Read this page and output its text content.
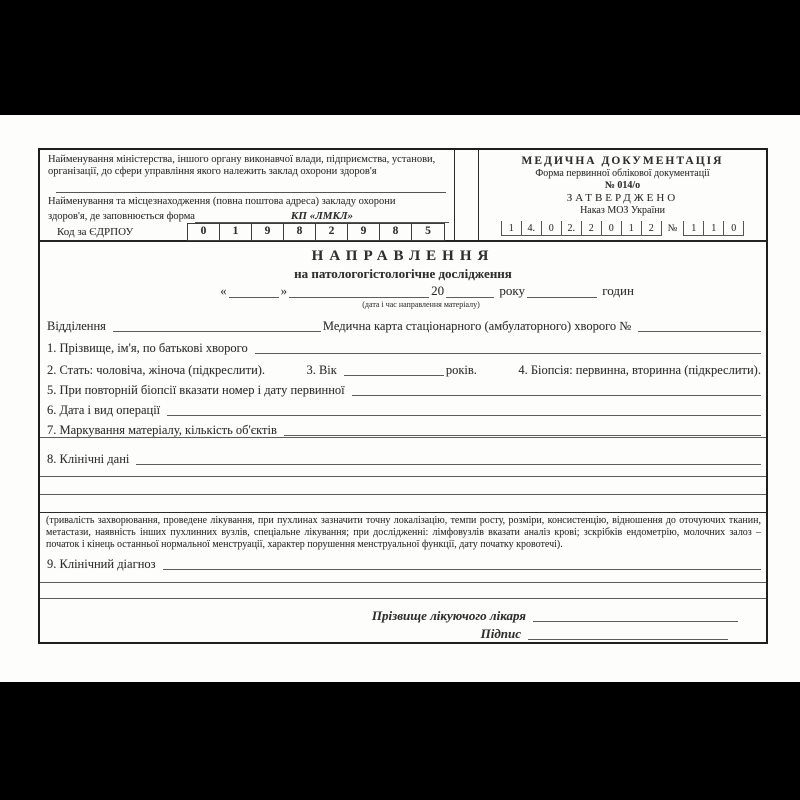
Найменування міністерства, іншого органу виконавчої влади, підприємства, установи, організації, до сфери управління якого належить заклад охорони здоров'я
Найменування та місцезнаходження (повна поштова адреса) закладу охорони
здоров'я, де заповнюється форма	КП «ЛМКЛ»
Код за ЄДРПОУ	0	1	9	8	2	9	8	5
МЕДИЧНА ДОКУМЕНТАЦІЯ
Форма первинної облікової документації
№ 014/о
ЗАТВЕРДЖЕНО
Наказ МОЗ України
1	4.	0	2.	2	0	1	2	№	1	1	0
НАПРАВЛЕННЯ
на патологогістологічне дослідження
«	»	20	року	годин
(дата і час направлення матеріалу)
Відділення	Медична карта стаціонарного (амбулаторного) хворого №
1. Прізвище, ім'я, по батькові хворого
2. Стать: чоловіча, жіноча (підкреслити).	3. Вік	років.	4. Біопсія: первинна, вторинна (підкреслити).
5. При повторній біопсії вказати номер і дату первинної
6. Дата і вид операції
7. Маркування матеріалу, кількість об'єктів
8. Клінічні дані
(тривалість захворювання, проведене лікування, при пухлинах зазначити точну локалізацію, темпи росту, розміри, консистенцію, відношення до оточуючих тканин, метастази, наявність інших пухлинних вузлів, спеціальне лікування; при дослідженні: лімфовузлів вказати аналіз крові; зскрібків ендометрію, молочних залоз – початок і кінець останньої нормальної менструації, характер порушення менструальної функції, дату початку кровотечі).
9. Клінічний діагноз
Прізвище лікуючого лікаря
Підпис
